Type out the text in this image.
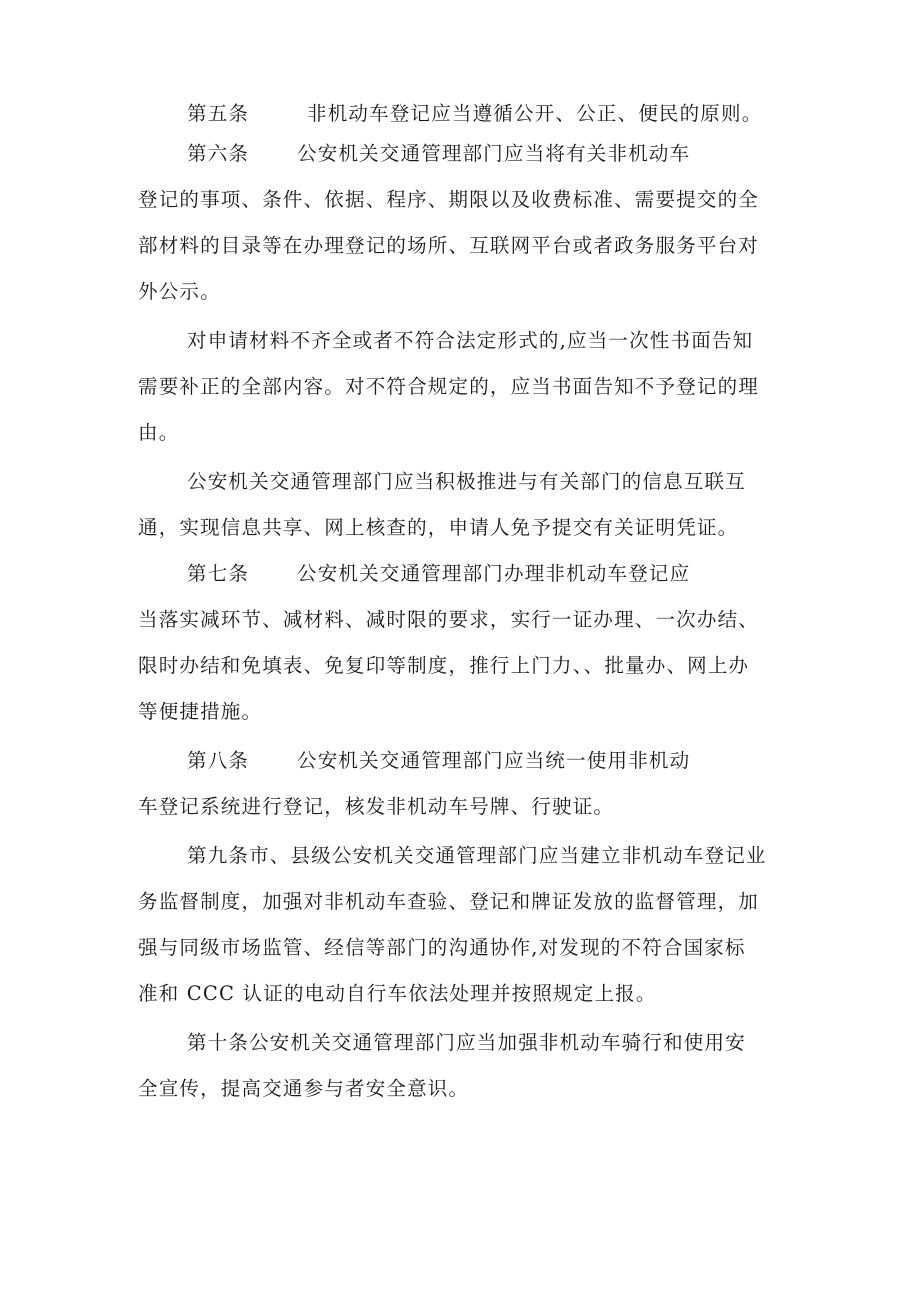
第五条	非机动车登记应当遵循公开、公正、便民的原则。
第六条 公安机关交通管理部门应当将有关非机动车
登记的事项、条件、依据、程序、期限以及收费标准、需要提交的全
部材料的目录等在办理登记的场所、互联网平台或者政务服务平台对
外公示。
对申请材料不齐全或者不符合法定形式的,应当一次性书面告知
需要补正的全部内容。对不符合规定的，应当书面告知不予登记的理
由。
公安机关交通管理部门应当积极推进与有关部门的信息互联互
通，实现信息共享、网上核查的，申请人免予提交有关证明凭证。
第七条 公安机关交通管理部门办理非机动车登记应
当落实减环节、减材料、减时限的要求，实行一证办理、一次办结、
限时办结和免填表、免复印等制度，推行上门力、、批量办、网上办
等便捷措施。
第八条 公安机关交通管理部门应当统一使用非机动
车登记系统进行登记，核发非机动车号牌、行驶证。
第九条市、县级公安机关交通管理部门应当建立非机动车登记业
务监督制度，加强对非机动车查验、登记和牌证发放的监督管理，加
强与同级市场监管、经信等部门的沟通协作,对发现的不符合国家标
准和 CCC 认证的电动自行车依法处理并按照规定上报。
第十条公安机关交通管理部门应当加强非机动车骑行和使用安
全宣传，提高交通参与者安全意识。
